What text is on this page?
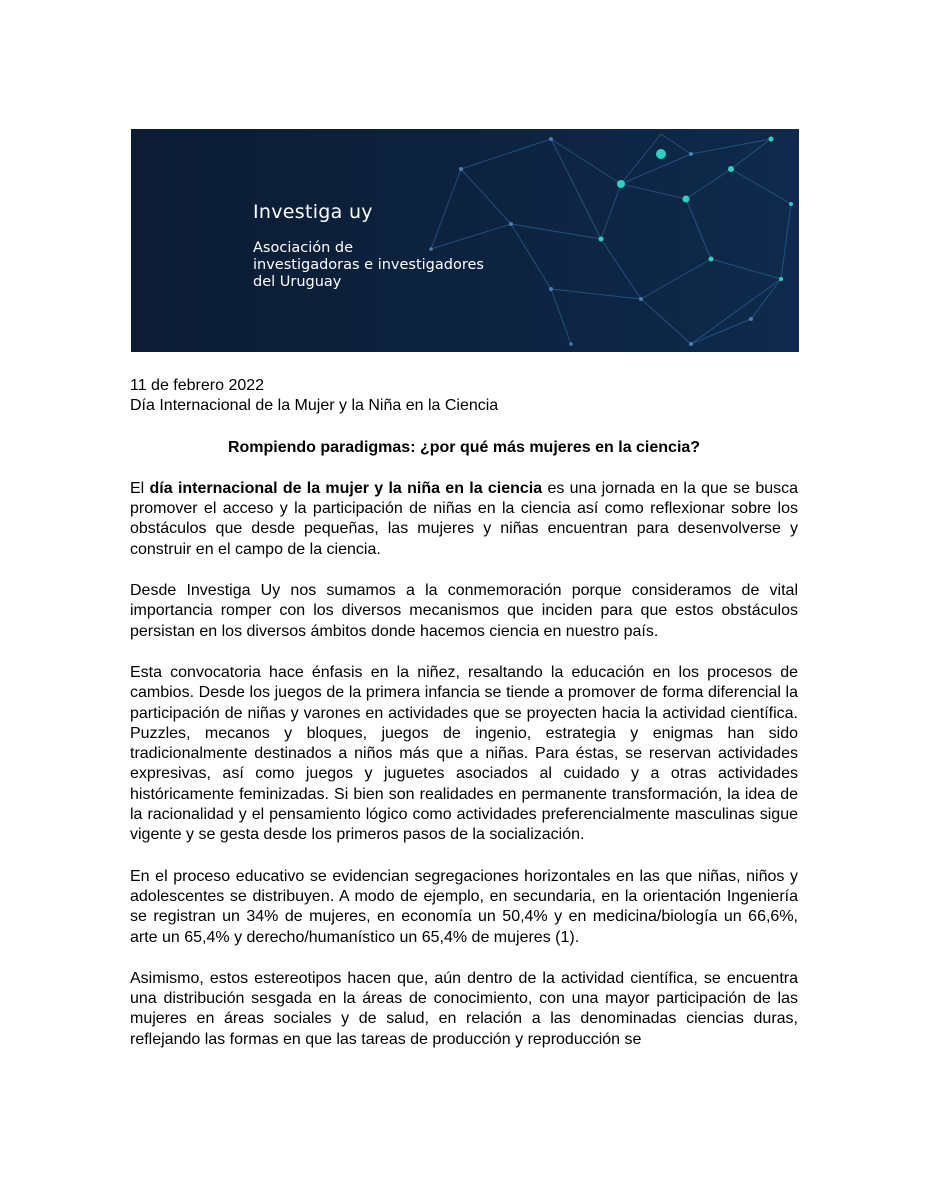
Investiga uy
Asociación de
investigadoras e investigadores
del Uruguay
11 de febrero 2022
Día Internacional de la Mujer y la Niña en la Ciencia
Rompiendo paradigmas: ¿por qué más mujeres en la ciencia?

El día internacional de la mujer y la niña en la ciencia es una jornada en la que se busca promover el acceso y la participación de niñas en la ciencia así como reflexionar sobre los obstáculos que desde pequeñas, las mujeres y niñas encuentran para desenvolverse y construir en el campo de la ciencia.

Desde Investiga Uy nos sumamos a la conmemoración porque consideramos de vital importancia romper con los diversos mecanismos que inciden para que estos obstáculos persistan en los diversos ámbitos donde hacemos ciencia en nuestro país.

Esta convocatoria hace énfasis en la niñez, resaltando la educación en los procesos de cambios. Desde los juegos de la primera infancia se tiende a promover de forma diferencial la participación de niñas y varones en actividades que se proyecten hacia la actividad científica. Puzzles, mecanos y bloques, juegos de ingenio, estrategia y enigmas han sido tradicionalmente destinados a niños más que a niñas. Para éstas, se reservan actividades expresivas, así como juegos y juguetes asociados al cuidado y a otras actividades históricamente feminizadas. Si bien son realidades en permanente transformación, la idea de la racionalidad y el pensamiento lógico como actividades preferencialmente masculinas sigue vigente y se gesta desde los primeros pasos de la socialización.

En el proceso educativo se evidencian segregaciones horizontales en las que niñas, niños y adolescentes se distribuyen. A modo de ejemplo, en secundaria, en la orientación Ingeniería se registran un 34% de mujeres, en economía un 50,4% y en medicina/biología un 66,6%, arte un 65,4% y derecho/humanístico un 65,4% de mujeres (1).

Asimismo, estos estereotipos hacen que, aún dentro de la actividad científica, se encuentra una distribución sesgada en la áreas de conocimiento, con una mayor participación de las mujeres en áreas sociales y de salud, en relación a las denominadas ciencias duras, reflejando las formas en que las tareas de producción y reproducción se
